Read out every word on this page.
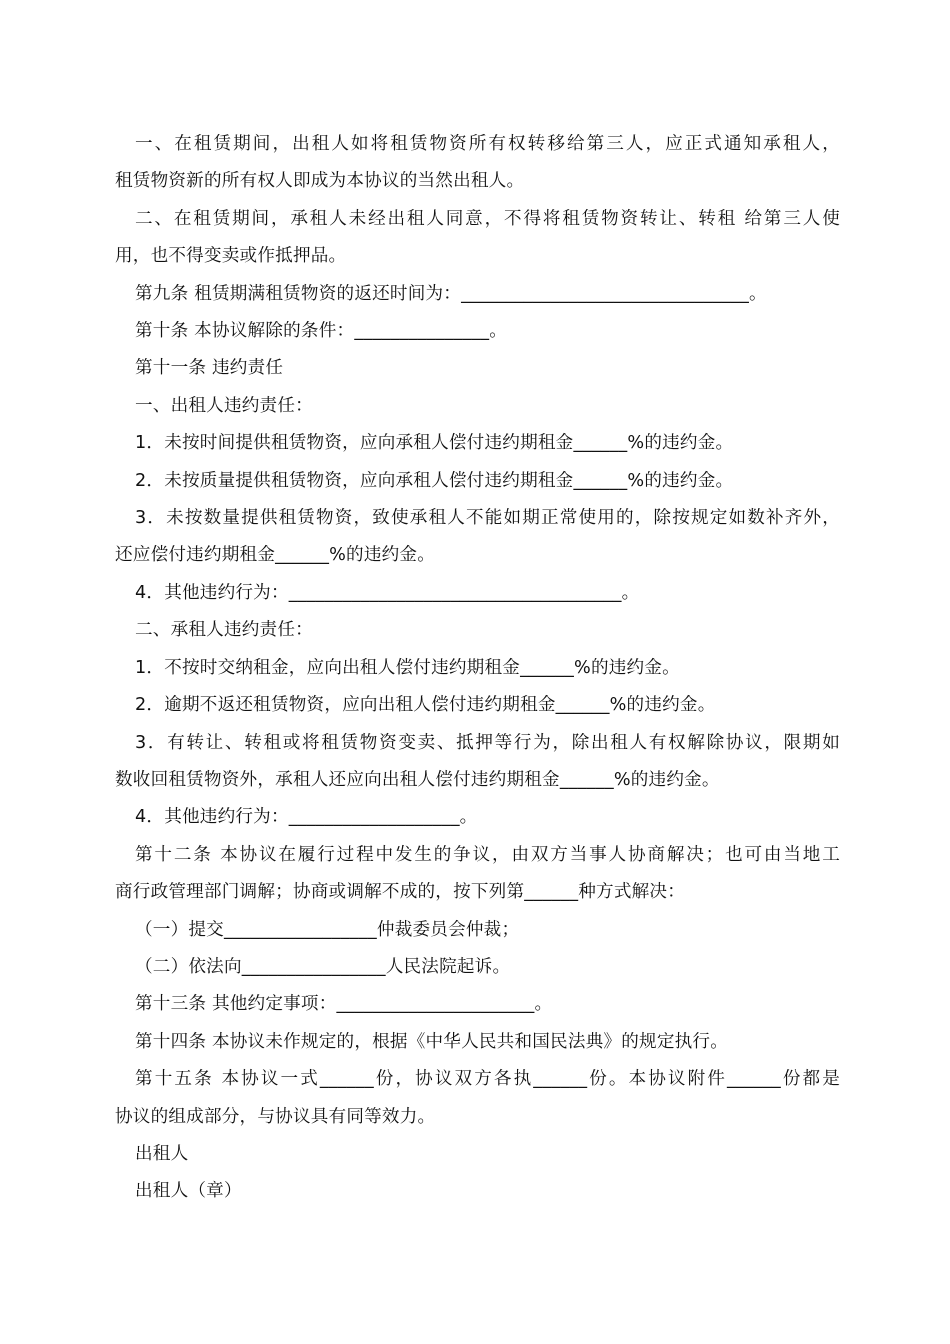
一、在租赁期间，出租人如将租赁物资所有权转移给第三人，应正式通知承租人，
租赁物资新的所有权人即成为本协议的当然出租人。
二、在租赁期间，承租人未经出租人同意，不得将租赁物资转让、转租 给第三人使
用，也不得变卖或作抵押品。
第九条 租赁期满租赁物资的返还时间为：________________________________。
第十条 本协议解除的条件：_______________。
第十一条 违约责任
一、出租人违约责任：
1．未按时间提供租赁物资，应向承租人偿付违约期租金______%的违约金。
2．未按质量提供租赁物资，应向承租人偿付违约期租金______%的违约金。
3．未按数量提供租赁物资，致使承租人不能如期正常使用的，除按规定如数补齐外，
还应偿付违约期租金______%的违约金。
4．其他违约行为：_____________________________________。
二、承租人违约责任：
1．不按时交纳租金，应向出租人偿付违约期租金______%的违约金。
2．逾期不返还租赁物资，应向出租人偿付违约期租金______%的违约金。
3．有转让、转租或将租赁物资变卖、抵押等行为，除出租人有权解除协议，限期如
数收回租赁物资外，承租人还应向出租人偿付违约期租金______%的违约金。
4．其他违约行为：___________________。
第十二条 本协议在履行过程中发生的争议，由双方当事人协商解决；也可由当地工
商行政管理部门调解；协商或调解不成的，按下列第______种方式解决：
（一）提交_________________仲裁委员会仲裁；
（二）依法向________________人民法院起诉。
第十三条 其他约定事项：______________________。
第十四条 本协议未作规定的，根据《中华人民共和国民法典》的规定执行。
第十五条 本协议一式______份，协议双方各执______份。本协议附件______份都是
协议的组成部分，与协议具有同等效力。
出租人
出租人（章）
